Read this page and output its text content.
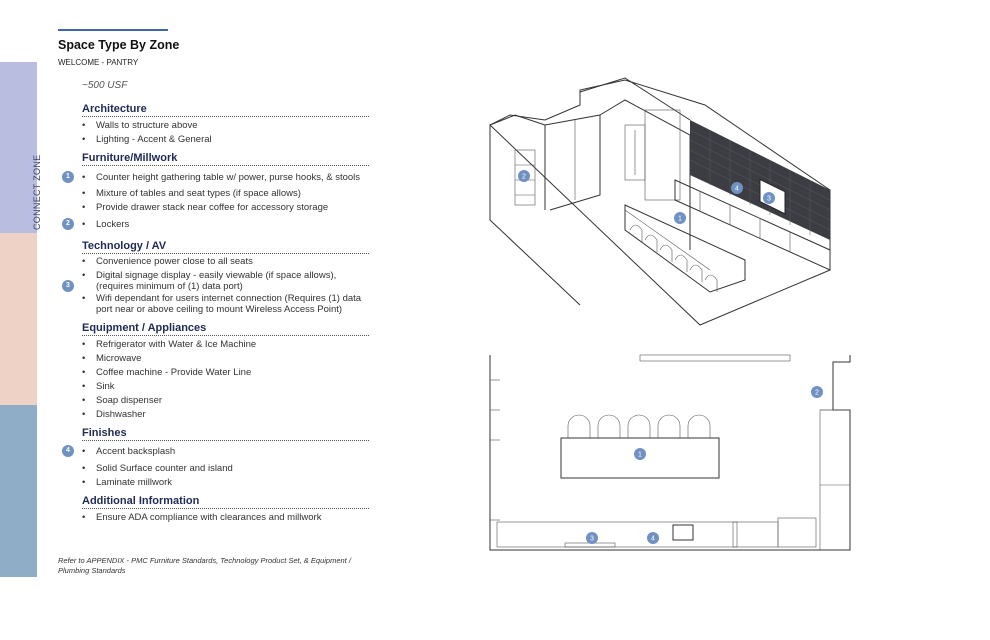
CONNECT ZONE
Space Type By Zone
WELCOME - PANTRY
~500 USF
Architecture
• Walls to structure above
• Lighting - Accent & General
Furniture/Millwork
1	• Counter height gathering table w/ power, purse hooks, & stools
• Mixture of tables and seat types (if space allows)
• Provide drawer stack near coffee for accessory storage
2	• Lockers
Technology / AV
• Convenience power close to all seats
3
• Digital signage display - easily viewable (if space allows),
(requires minimum of (1) data port)
• Wifi dependant for users internet connection (Requires (1) data
port near or above ceiling to mount Wireless Access Point)
Equipment / Appliances
• Refrigerator with Water & Ice Machine
• Microwave
• Coffee machine - Provide Water Line
• Sink
• Soap dispenser
• Dishwasher
Finishes
4	• Accent backsplash
• Solid Surface counter and island
• Laminate millwork
Additional Information
• Ensure ADA compliance with clearances and millwork
Refer to APPENDIX - PMC Furniture Standards, Technology Product Set, & Equipment / Plumbing Standards
2
1
4
3
1
2
3	4
